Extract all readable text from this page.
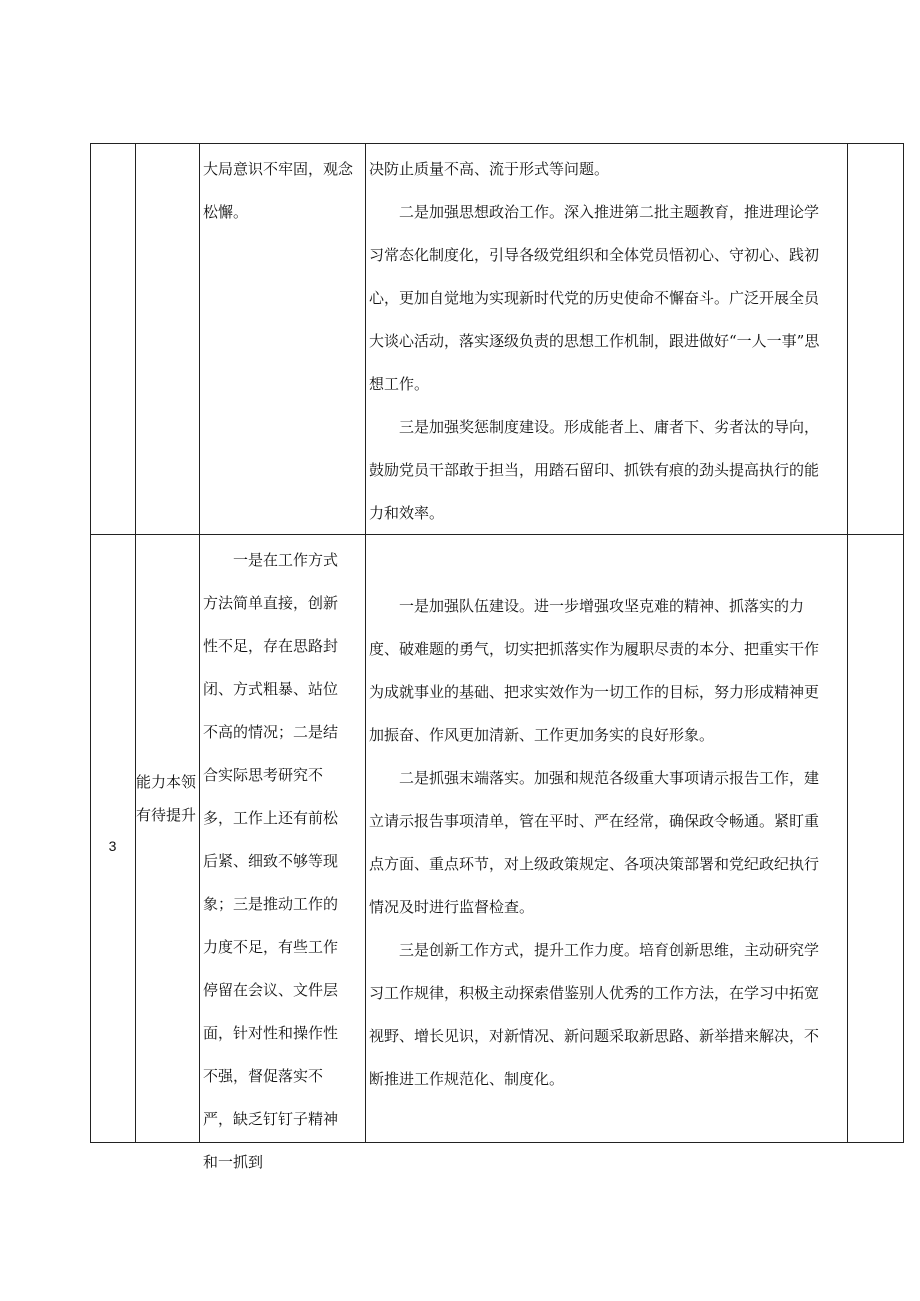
大局意识不牢固，观念松懈。

决防止质量不高、流于形式等问题。

二是加强思想政治工作。深入推进第二批主题教育，推进理论学习常态化制度化，引导各级党组织和全体党员悟初心、守初心、践初心，更加自觉地为实现新时代党的历史使命不懈奋斗。广泛开展全员大谈心活动，落实逐级负责的思想工作机制，跟进做好“一人一事”思想工作。

三是加强奖惩制度建设。形成能者上、庸者下、劣者汰的导向，鼓励党员干部敢于担当，用踏石留印、抓铁有痕的劲头提高执行的能力和效率。

3

能力本领有待提升

一是在工作方式方法简单直接，创新性不足，存在思路封闭、方式粗暴、站位不高的情况；二是结合实际思考研究不多，工作上还有前松后紧、细致不够等现象；三是推动工作的力度不足，有些工作停留在会议、文件层面，针对性和操作性不强，督促落实不严，缺乏钉钉子精神和一抓到

一是加强队伍建设。进一步增强攻坚克难的精神、抓落实的力度、破难题的勇气，切实把抓落实作为履职尽责的本分、把重实干作为成就事业的基础、把求实效作为一切工作的目标，努力形成精神更加振奋、作风更加清新、工作更加务实的良好形象。

二是抓强末端落实。加强和规范各级重大事项请示报告工作，建立请示报告事项清单，管在平时、严在经常，确保政令畅通。紧盯重点方面、重点环节，对上级政策规定、各项决策部署和党纪政纪执行情况及时进行监督检查。

三是创新工作方式，提升工作力度。培育创新思维，主动研究学习工作规律，积极主动探索借鉴别人优秀的工作方法，在学习中拓宽视野、增长见识，对新情况、新问题采取新思路、新举措来解决，不断推进工作规范化、制度化。
